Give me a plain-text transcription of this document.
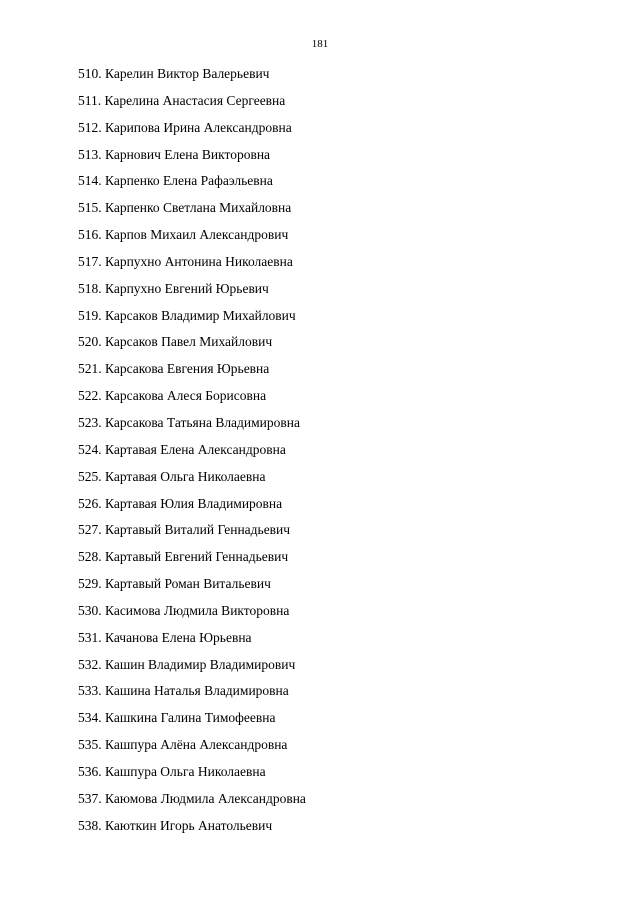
181
510. Карелин Виктор Валерьевич
511. Карелина Анастасия Сергеевна
512. Карипова Ирина Александровна
513. Карнович Елена Викторовна
514. Карпенко Елена Рафаэльевна
515. Карпенко Светлана Михайловна
516. Карпов Михаил Александрович
517. Карпухно Антонина Николаевна
518. Карпухно Евгений Юрьевич
519. Карсаков Владимир Михайлович
520. Карсаков Павел Михайлович
521. Карсакова Евгения Юрьевна
522. Карсакова Алеся Борисовна
523. Карсакова Татьяна Владимировна
524. Картавая Елена Александровна
525. Картавая Ольга Николаевна
526. Картавая Юлия Владимировна
527. Картавый Виталий Геннадьевич
528. Картавый Евгений Геннадьевич
529. Картавый Роман Витальевич
530. Касимова Людмила Викторовна
531. Качанова Елена Юрьевна
532. Кашин Владимир Владимирович
533. Кашина Наталья Владимировна
534. Кашкина Галина Тимофеевна
535. Кашпура Алёна Александровна
536. Кашпура Ольга Николаевна
537. Каюмова Людмила Александровна
538. Каюткин Игорь Анатольевич
